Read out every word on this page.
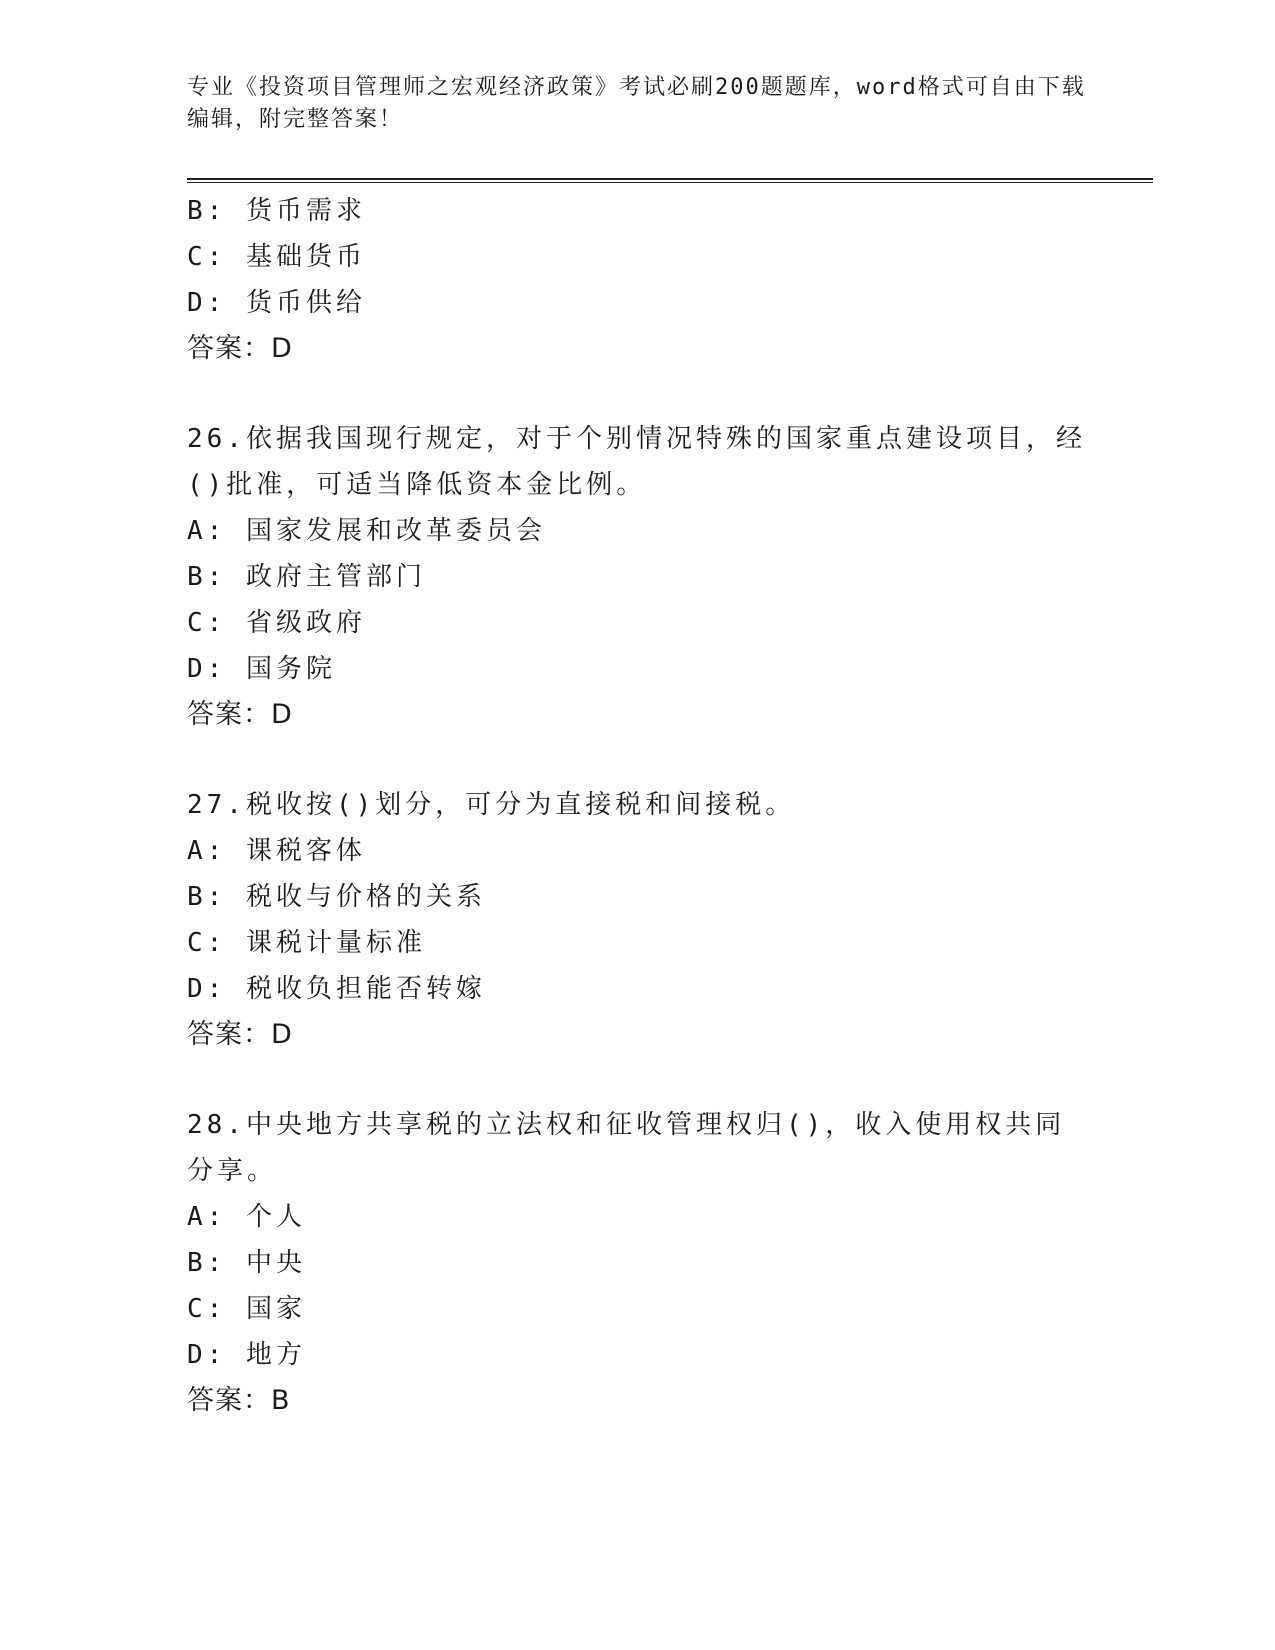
专业《投资项目管理师之宏观经济政策》考试必刷200题题库，word格式可自由下载编辑，附完整答案！
B: 货币需求
C: 基础货币
D: 货币供给
答案：D
26.依据我国现行规定，对于个别情况特殊的国家重点建设项目，经()批准，可适当降低资本金比例。
A: 国家发展和改革委员会
B: 政府主管部门
C: 省级政府
D: 国务院
答案：D
27.税收按()划分，可分为直接税和间接税。
A: 课税客体
B: 税收与价格的关系
C: 课税计量标准
D: 税收负担能否转嫁
答案：D
28.中央地方共享税的立法权和征收管理权归()，收入使用权共同分享。
A: 个人
B: 中央
C: 国家
D: 地方
答案：B
